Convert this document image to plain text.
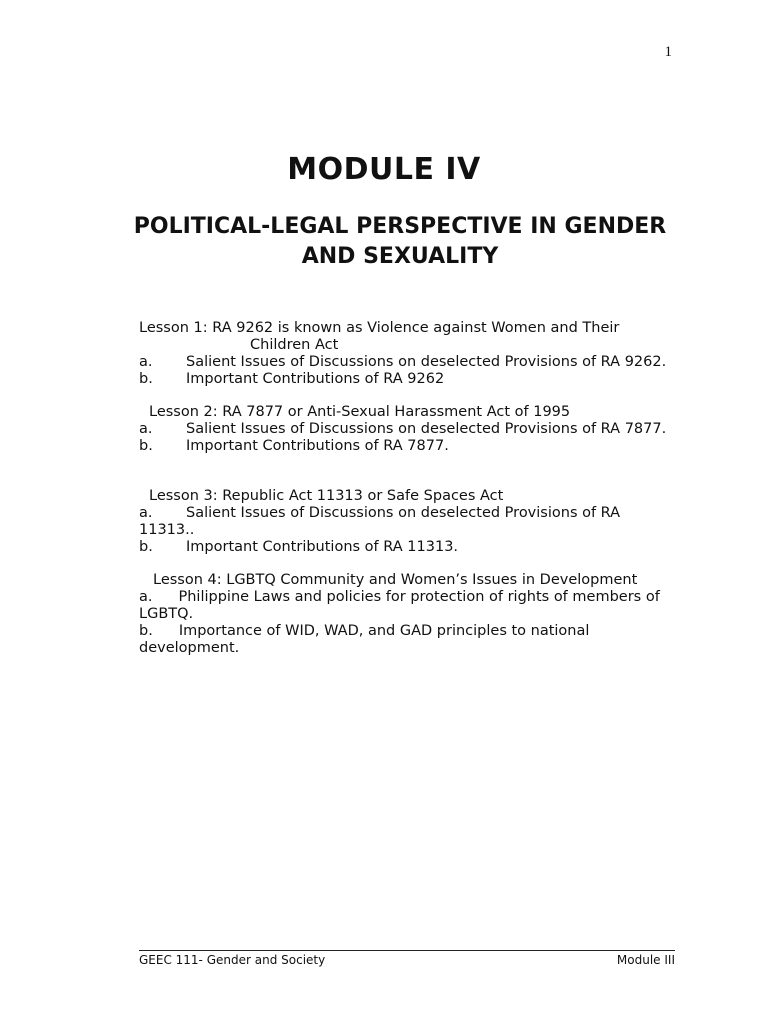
1
MODULE IV
POLITICAL-LEGAL PERSPECTIVE IN GENDER
AND SEXUALITY
Lesson 1: RA 9262 is known as Violence against Women and Their
Children Act
a. Salient Issues of Discussions on deselected Provisions of RA 9262.
b. Important Contributions of RA 9262
Lesson 2: RA 7877 or Anti-Sexual Harassment Act of 1995
a. Salient Issues of Discussions on deselected Provisions of RA 7877.
b. Important Contributions of RA 7877.
Lesson 3: Republic Act 11313 or Safe Spaces Act
a. Salient Issues of Discussions on deselected Provisions of RA 11313..
b. Important Contributions of RA 11313.
Lesson 4: LGBTQ Community and Women’s Issues in Development
a. Philippine Laws and policies for protection of rights of members of LGBTQ.
b. Importance of WID, WAD, and GAD principles to national development.
GEEC 111- Gender and Society	Module III
